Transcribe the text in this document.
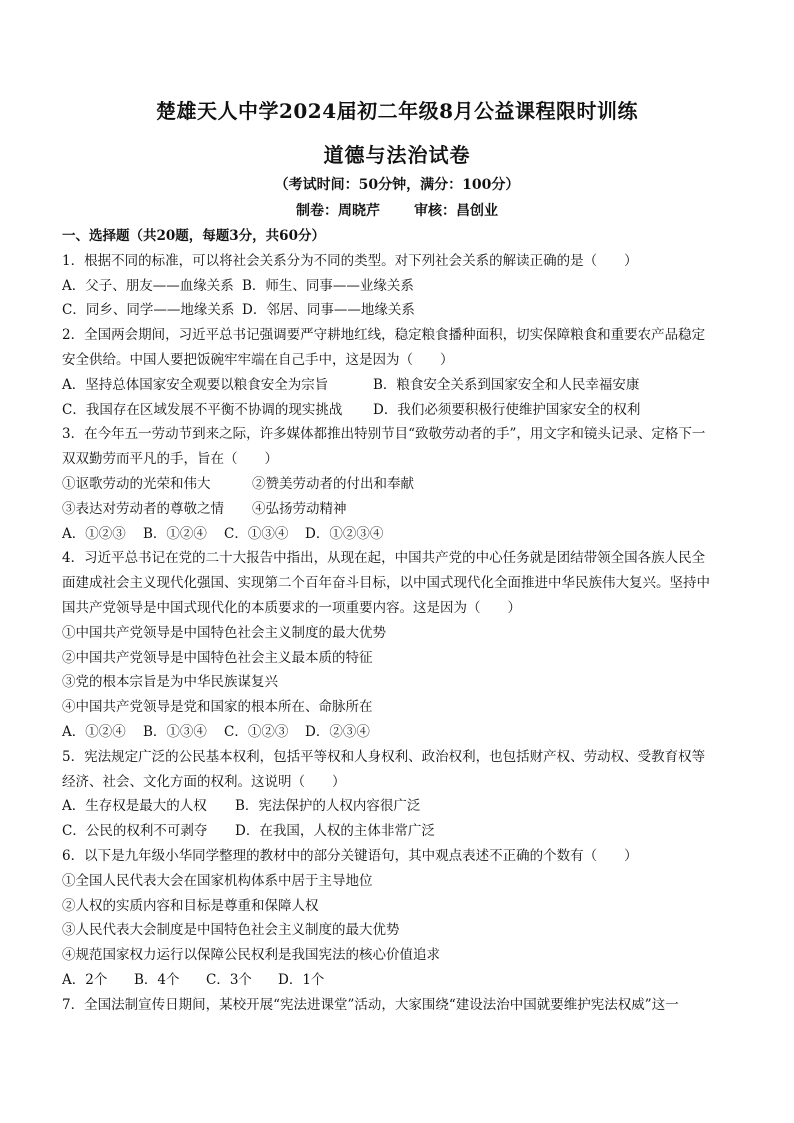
楚雄天人中学2024届初二年级8月公益课程限时训练
道德与法治试卷
（考试时间：50分钟，满分：100分）
制卷：周晓芹 审核：昌创业
一、选择题（共20题，每题3分，共60分）
1．根据不同的标准，可以将社会关系分为不同的类型。对下列社会关系的解读正确的是（　　）
A．父子、朋友——血缘关系 B．师生、同事——业缘关系
C．同乡、同学——地缘关系 D．邻居、同事——地缘关系
2．全国两会期间，习近平总书记强调要严守耕地红线，稳定粮食播种面积，切实保障粮食和重要农产品稳定
安全供给。中国人要把饭碗牢牢端在自己手中，这是因为（　　）
A．坚持总体国家安全观要以粮食安全为宗旨	B．粮食安全关系到国家安全和人民幸福安康
C．我国存在区域发展不平衡不协调的现实挑战 D．我们必须要积极行使维护国家安全的权利
3．在今年五一劳动节到来之际，许多媒体都推出特别节目“致敬劳动者的手”，用文字和镜头记录、定格下一
双双勤劳而平凡的手，旨在（　　）
①讴歌劳动的光荣和伟大	②赞美劳动者的付出和奉献
③表达对劳动者的尊敬之情 ④弘扬劳动精神
A．①②③ B．①②④ C．①③④ D．①②③④
4．习近平总书记在党的二十大报告中指出，从现在起，中国共产党的中心任务就是团结带领全国各族人民全
面建成社会主义现代化强国、实现第二个百年奋斗目标，以中国式现代化全面推进中华民族伟大复兴。坚持中
国共产党领导是中国式现代化的本质要求的一项重要内容。这是因为（　　）
①中国共产党领导是中国特色社会主义制度的最大优势
②中国共产党领导是中国特色社会主义最本质的特征
③党的根本宗旨是为中华民族谋复兴
④中国共产党领导是党和国家的根本所在、命脉所在
A．①②④ B．①③④ C．①②③ D．②③④
5．宪法规定广泛的公民基本权利，包括平等权和人身权利、政治权利，也包括财产权、劳动权、受教育权等
经济、社会、文化方面的权利。这说明（　　）
A．生存权是最大的人权 B．宪法保护的人权内容很广泛
C．公民的权利不可剥夺 D．在我国，人权的主体非常广泛
6．以下是九年级小华同学整理的教材中的部分关键语句，其中观点表述不正确的个数有（　　）
①全国人民代表大会在国家机构体系中居于主导地位
②人权的实质内容和目标是尊重和保障人权
③人民代表大会制度是中国特色社会主义制度的最大优势
④规范国家权力运行以保障公民权利是我国宪法的核心价值追求
A．2个 B．4个 C．3个 D．1个
7．全国法制宣传日期间，某校开展“宪法进课堂”活动，大家围绕“建设法治中国就要维护宪法权威”这一
